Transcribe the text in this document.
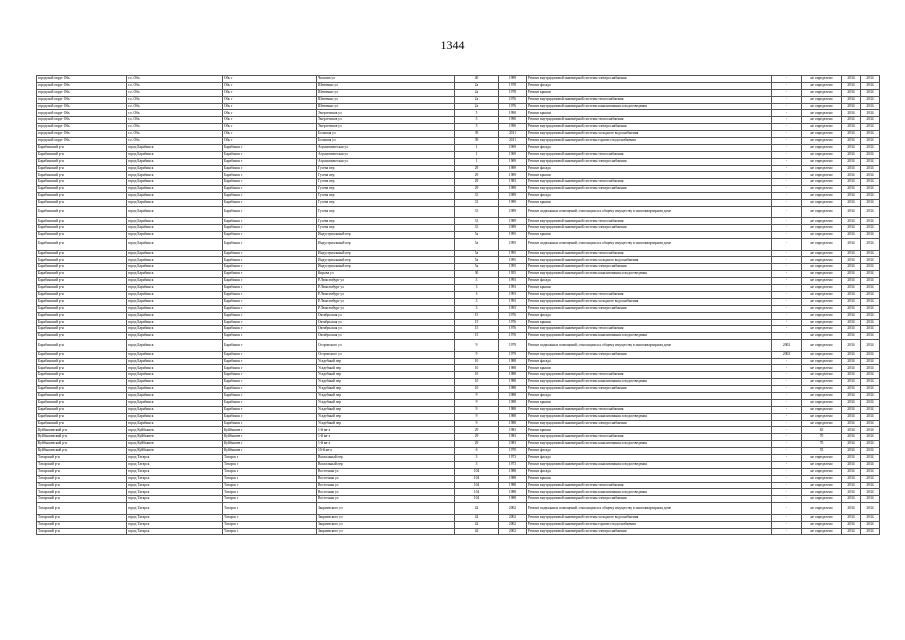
1344
городской округ Обь	г.о. Обь	Обь г	Чкалова ул	40	1989	Ремонт внутридомовой инженерной системы электроснабжения	-	не определено	2034	2034
городской округ Обь	г.о. Обь	Обь г	Шевченко ул	2а	1978	Ремонт фасада	-	не определено	2034	2034
городской округ Обь	г.о. Обь	Обь г	Шевченко ул	2а	1978	Ремонт крыши	-	не определено	2034	2034
городской округ Обь	г.о. Обь	Обь г	Шевченко ул	2а	1976	Ремонт внутридомовой инженерной системы теплоснабжения	-	не определено	2034	2034
городской округ Обь	г.о. Обь	Обь г	Шевченко ул	2а	1976	Ремонт внутридомовой инженерной системы канализования и водоотведения	-	не определено	2034	2034
городской округ Обь	г.о. Обь	Обь г	Энергетиков ул	5	1990	Ремонт крыши	-	не определено	2034	2034
городской округ Обь	г.о. Обь	Обь г	Энергетиков ул	5	1990	Ремонт внутридомовой инженерной системы теплоснабжения	-	не определено	2034	2034
городской округ Обь	г.о. Обь	Обь г	Энергетиков ул	5	1990	Ремонт внутридомовой инженерной системы электроснабжения	-	не определено	2034	2034
городской округ Обь	г.о. Обь	Обь г	Большая ул	39	2011	Ремонт внутридомовой инженерной системы холодного водоснабжения	-	не определено	2034	2034
городской округ Обь	г.о. Обь	Обь г	Большая ул	39	2011	Ремонт внутридомовой инженерной системы горячего водоснабжения	-	не определено	2034	2034
Барабинский р-н	город Барабинск	Барабинск г	Агрономическая ул	1	1969	Ремонт фасада	-	не определено	2034	2034
Барабинский р-н	город Барабинск	Барабинск г	Агрономическая ул	1	1969	Ремонт внутридомовой инженерной системы теплоснабжения	-	не определено	2034	2034
Барабинский р-н	город Барабинск	Барабинск г	Агрономическая ул	1	1969	Ремонт внутридомовой инженерной системы электроснабжения	-	не определено	2034	2034
Барабинский р-н	город Барабинск	Барабинск г	Гусева пер	29	1989	Ремонт фасада	-	не определено	2034	2034
Барабинский р-н	город Барабинск	Барабинск г	Гусева пер	29	1989	Ремонт крыши	-	не определено	2034	2034
Барабинский р-н	город Барабинск	Барабинск г	Гусева пер	29	1983	Ремонт внутридомовой инженерной системы теплоснабжения	-	не определено	2034	2034
Барабинский р-н	город Барабинск	Барабинск г	Гусева пер	29	1989	Ремонт внутридомовой инженерной системы электроснабжения	-	не определено	2034	2034
Барабинский р-н	город Барабинск	Барабинск г	Гусева пер	31	1989	Ремонт фасада	-	не определено	2034	2034
Барабинский р-н	город Барабинск	Барабинск г	Гусева пер	31	1989	Ремонт крыши	-	не определено	2034	2034
Барабинский р-н	город Барабинск	Барабинск г	Гусева пер	31	1989	Ремонт подвальных помещений, относящихся к общему имуществу в многоквартирном доме	-	не определено	2034	2034
Барабинский р-н	город Барабинск	Барабинск г	Гусева пер	31	1989	Ремонт внутридомовой инженерной системы теплоснабжения	-	не определено	2034	2034
Барабинский р-н	город Барабинск	Барабинск г	Гусева пер	31	1989	Ремонт внутридомовой инженерной системы электроснабжения	-	не определено	2034	2034
Барабинский р-н	город Барабинск	Барабинск г	Индустриальный пер	5а	1995	Ремонт крыши	-	не определено	2034	2034
Барабинский р-н	город Барабинск	Барабинск г	Индустриальный пер	5а	1995	Ремонт подвальных помещений, относящихся к общему имуществу в многоквартирном доме	-	не определено	2034	2034
Барабинский р-н	город Барабинск	Барабинск г	Индустриальный пер	5а	1995	Ремонт внутридомовой инженерной системы теплоснабжения	-	не определено	2034	2034
Барабинский р-н	город Барабинск	Барабинск г	Индустриальный пер	5а	1995	Ремонт внутридомовой инженерной системы холодного водоснабжения	-	не определено	2034	2034
Барабинский р-н	город Барабинск	Барабинск г	Индустриальный пер	5а	1995	Ремонт внутридомовой инженерной системы электроснабжения	-	не определено	2034	2034
Барабинский р-н	город Барабинск	Барабинск г	Кирова ул	30	1955	Ремонт внутридомовой инженерной системы канализования и водоотведения	-	не определено	2034	2034
Барабинский р-н	город Барабинск	Барабинск г	Р.Люксембург ул	3	1993	Ремонт фасада	-	не определено	2034	2034
Барабинский р-н	город Барабинск	Барабинск г	Р.Люксембург ул	3	1993	Ремонт крыши	-	не определено	2034	2034
Барабинский р-н	город Барабинск	Барабинск г	Р.Люксембург ул	3	1993	Ремонт внутридомовой инженерной системы теплоснабжения	-	не определено	2034	2034
Барабинский р-н	город Барабинск	Барабинск г	Р.Люксембург ул	3	1993	Ремонт внутридомовой инженерной системы холодного водоснабжения	-	не определено	2034	2034
Барабинский р-н	город Барабинск	Барабинск г	Р.Люксембург ул	3	1993	Ремонт внутридомовой инженерной системы электроснабжения	-	не определено	2034	2034
Барабинский р-н	город Барабинск	Барабинск г	Октябрьская ул	15	1976	Ремонт фасада	-	не определено	2034	2034
Барабинский р-н	город Барабинск	Барабинск г	Октябрьская ул	15	1976	Ремонт крыши	-	не определено	2034	2034
Барабинский р-н	город Барабинск	Барабинск г	Октябрьская ул	15	1976	Ремонт внутридомовой инженерной системы теплоснабжения	-	не определено	2034	2034
Барабинский р-н	город Барабинск	Барабинск г	Октябрьская ул	15	1976	Ремонт внутридомовой инженерной системы канализования и водоотведения	-	не определено	2034	2034
Барабинский р-н	город Барабинск	Барабинск г	Островского ул	9	1979	Ремонт подвальных помещений, относящихся к общему имуществу в многоквартирном доме	2002	не определено	2034	2034
Барабинский р-н	город Барабинск	Барабинск г	Островского ул	9	1979	Ремонт внутридомовой инженерной системы электроснабжения	2002	не определено	2034	2034
Барабинский р-н	город Барабинск	Барабинск г	Усадебный пер	10	1988	Ремонт фасада	-	не определено	2034	2034
Барабинский р-н	город Барабинск	Барабинск г	Усадебный пер	10	1988	Ремонт крыши	-	не определено	2034	2034
Барабинский р-н	город Барабинск	Барабинск г	Усадебный пер	10	1988	Ремонт внутридомовой инженерной системы теплоснабжения	-	не определено	2034	2034
Барабинский р-н	город Барабинск	Барабинск г	Усадебный пер	10	1988	Ремонт внутридомовой инженерной системы канализования и водоотведения	-	не определено	2034	2034
Барабинский р-н	город Барабинск	Барабинск г	Усадебный пер	10	1988	Ремонт внутридомовой инженерной системы электроснабжения	-	не определено	2034	2034
Барабинский р-н	город Барабинск	Барабинск г	Усадебный пер	9	1988	Ремонт фасада	-	не определено	2034	2034
Барабинский р-н	город Барабинск	Барабинск г	Усадебный пер	9	1988	Ремонт крыши	-	не определено	2034	2034
Барабинский р-н	город Барабинск	Барабинск г	Усадебный пер	9	1988	Ремонт внутридомовой инженерной системы теплоснабжения	-	не определено	2034	2034
Барабинский р-н	город Барабинск	Барабинск г	Усадебный пер	9	1988	Ремонт внутридомовой инженерной системы канализования и водоотведения	-	не определено	2034	2034
Барабинский р-н	город Барабинск	Барабинск г	Усадебный пер	9	1988	Ремонт внутридомовой инженерной системы электроснабжения	-	не определено	2034	2034
Куйбышевский р-н	город Куйбышев	Куйбышев г	1-й кв-л	29	1983	Ремонт крыши	-	65	2034	2034
Куйбышевский р-н	город Куйбышев	Куйбышев г	1-й кв-л	29	1983	Ремонт внутридомовой инженерной системы теплоснабжения	-	70	2034	2034
Куйбышевский р-н	город Куйбышев	Куйбышев г	1-й кв-л	29	1983	Ремонт внутридомовой инженерной системы канализования и водоотведения	-	70	2034	2034
Куйбышевский р-н	город Куйбышев	Куйбышев г	10-й кв-л	6	1970	Ремонт фасада	-	55	2034	2034
Татарский р-н	город Татарск	Татарск г	Вокзальный пер	3	1973	Ремонт фасада	-	не определено	2034	2034
Татарский р-н	город Татарск	Татарск г	Вокзальный пер	3	1973	Ремонт внутридомовой инженерной системы канализования и водоотведения	-	не определено	2034	2034
Татарский р-н	город Татарск	Татарск г	Восточная ул	104	1988	Ремонт фасада	-	не определено	2034	2034
Татарский р-н	город Татарск	Татарск г	Восточная ул	104	1988	Ремонт крыши	-	не определено	2034	2034
Татарский р-н	город Татарск	Татарск г	Восточная ул	104	1988	Ремонт внутридомовой инженерной системы теплоснабжения	-	не определено	2034	2034
Татарский р-н	город Татарск	Татарск г	Восточная ул	104	1988	Ремонт внутридомовой инженерной системы канализования и водоотведения	-	не определено	2034	2034
Татарский р-н	город Татарск	Татарск г	Восточная ул	104	1988	Ремонт внутридомовой инженерной системы электроснабжения	-	не определено	2034	2034
Татарский р-н	город Татарск	Татарск г	Закриевского ул	42	2002	Ремонт подвальных помещений, относящихся к общему имуществу в многоквартирном доме	-	не определено	2034	2034
Татарский р-н	город Татарск	Татарск г	Закриевского ул	42	2002	Ремонт внутридомовой инженерной системы холодного водоснабжения	-	не определено	2034	2034
Татарский р-н	город Татарск	Татарск г	Закриевского ул	42	2002	Ремонт внутридомовой инженерной системы горячего водоснабжения	-	не определено	2034	2034
Татарский р-н	город Татарск	Татарск г	Закриевского ул	42	2002	Ремонт внутридомовой инженерной системы электроснабжения	-	не определено	2034	2034
